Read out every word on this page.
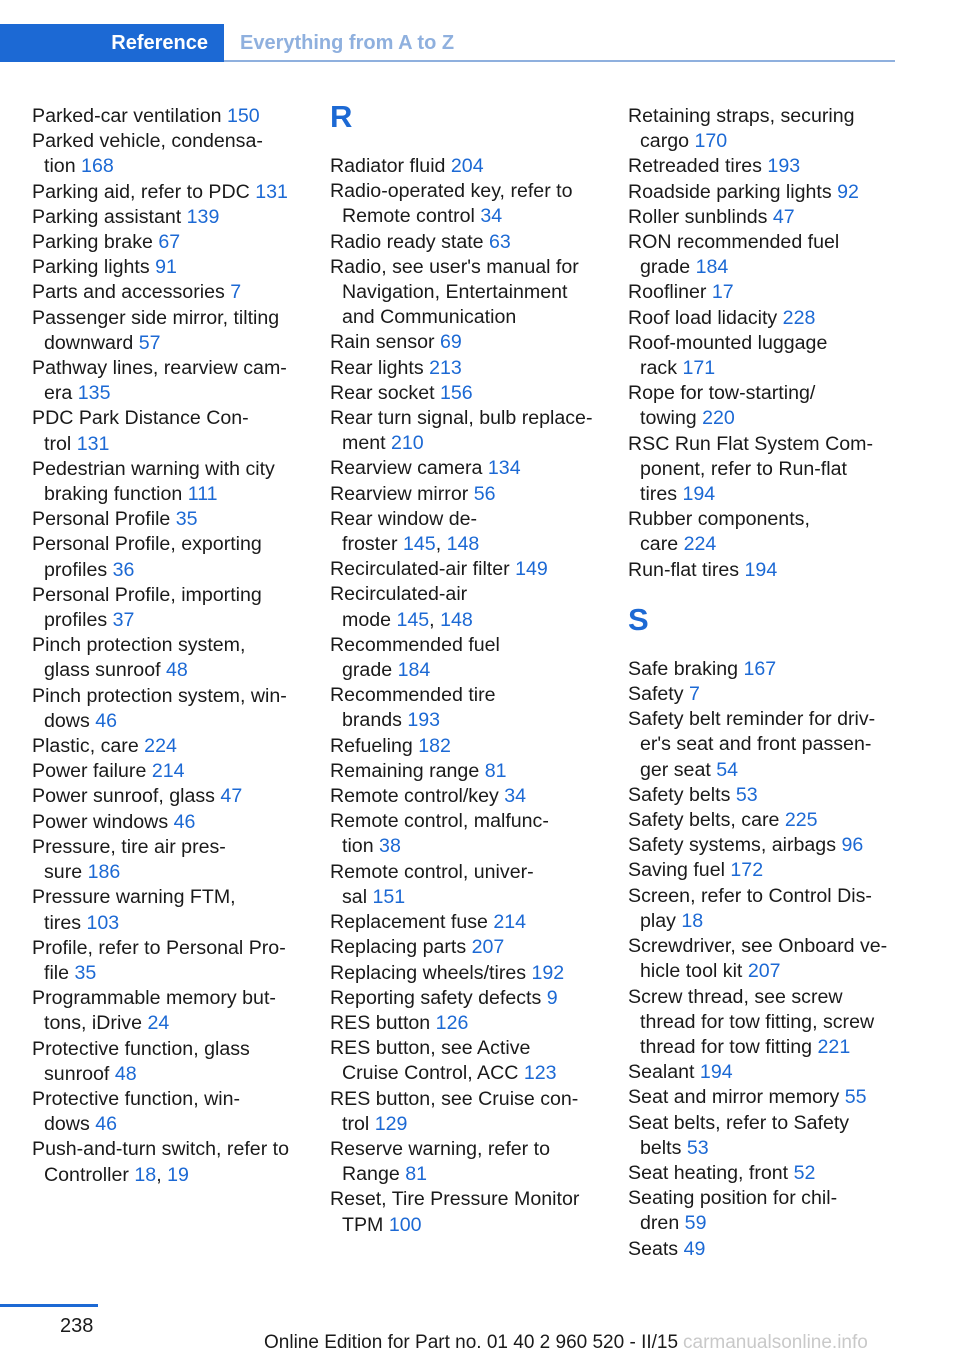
Reference	Everything from A to Z

Parked-car ventilation 150

Parked vehicle, condensa-
tion 168

Parking aid, refer to PDC 131

Parking assistant 139

Parking brake 67

Parking lights 91

Parts and accessories 7

Passenger side mirror, tilting
downward 57

Pathway lines, rearview cam-
era 135

PDC Park Distance Con-
trol 131

Pedestrian warning with city
braking function 111

Personal Profile 35

Personal Profile, exporting
profiles 36

Personal Profile, importing
profiles 37

Pinch protection system,
glass sunroof 48

Pinch protection system, win-
dows 46

Plastic, care 224

Power failure 214

Power sunroof, glass 47

Power windows 46

Pressure, tire air pres-
sure 186

Pressure warning FTM,
tires 103

Profile, refer to Personal Pro-
file 35

Programmable memory but-
tons, iDrive 24

Protective function, glass
sunroof 48

Protective function, win-
dows 46

Push-and-turn switch, refer to
Controller 18, 19

R

Radiator fluid 204

Radio-operated key, refer to
Remote control 34

Radio ready state 63

Radio, see user's manual for
Navigation, Entertainment
and Communication

Rain sensor 69

Rear lights 213

Rear socket 156

Rear turn signal, bulb replace-
ment 210

Rearview camera 134

Rearview mirror 56

Rear window de-
froster 145, 148

Recirculated-air filter 149

Recirculated-air
mode 145, 148

Recommended fuel
grade 184

Recommended tire
brands 193

Refueling 182

Remaining range 81

Remote control/key 34

Remote control, malfunc-
tion 38

Remote control, univer-
sal 151

Replacement fuse 214

Replacing parts 207

Replacing wheels/tires 192

Reporting safety defects 9

RES button 126

RES button, see Active
Cruise Control, ACC 123

RES button, see Cruise con-
trol 129

Reserve warning, refer to
Range 81

Reset, Tire Pressure Monitor
TPM 100

Retaining straps, securing
cargo 170

Retreaded tires 193

Roadside parking lights 92

Roller sunblinds 47

RON recommended fuel
grade 184

Roofliner 17

Roof load lidacity 228

Roof-mounted luggage
rack 171

Rope for tow-starting/
towing 220

RSC Run Flat System Com-
ponent, refer to Run-flat
tires 194

Rubber components,
care 224

Run-flat tires 194

S

Safe braking 167

Safety 7

Safety belt reminder for driv-
er's seat and front passen-
ger seat 54

Safety belts 53

Safety belts, care 225

Safety systems, airbags 96

Saving fuel 172

Screen, refer to Control Dis-
play 18

Screwdriver, see Onboard ve-
hicle tool kit 207

Screw thread, see screw
thread for tow fitting, screw
thread for tow fitting 221

Sealant 194

Seat and mirror memory 55

Seat belts, refer to Safety
belts 53

Seat heating, front 52

Seating position for chil-
dren 59

Seats 49

238
Online Edition for Part no. 01 40 2 960 520 - II/15 carmanualsonline.info
